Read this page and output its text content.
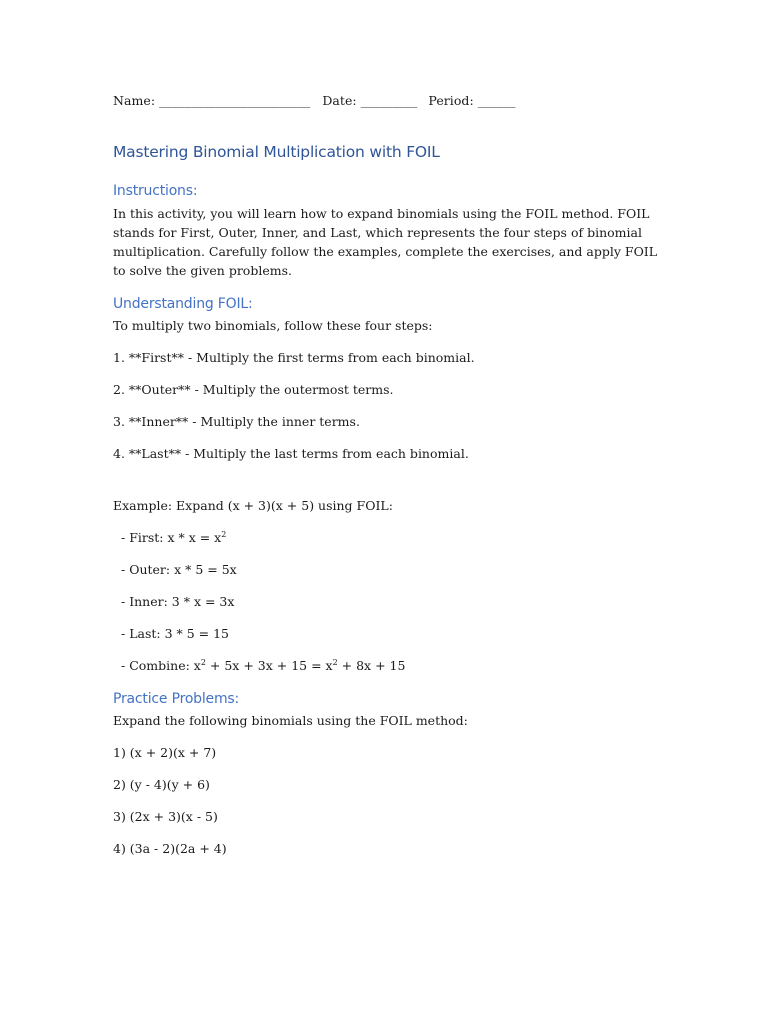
Name: ________________________ Date: _________ Period: ______
Mastering Binomial Multiplication with FOIL
Instructions:
In this activity, you will learn how to expand binomials using the FOIL method. FOIL stands for First, Outer, Inner, and Last, which represents the four steps of binomial multiplication. Carefully follow the examples, complete the exercises, and apply FOIL to solve the given problems.
Understanding FOIL:
To multiply two binomials, follow these four steps:
1. **First** - Multiply the first terms from each binomial.
2. **Outer** - Multiply the outermost terms.
3. **Inner** - Multiply the inner terms.
4. **Last** - Multiply the last terms from each binomial.
Example: Expand (x + 3)(x + 5) using FOIL:
- First: $x * x = x^2$
- Outer: x * 5 = 5x
- Inner: 3 * x = 3x
- Last: 3 * 5 = 15
- Combine: $x^2 + 5x + 3x + 15 = x^2 + 8x + 15$
Practice Problems:
Expand the following binomials using the FOIL method:
1) (x + 2)(x + 7)
2) (y - 4)(y + 6)
3) (2x + 3)(x - 5)
4) (3a - 2)(2a + 4)
